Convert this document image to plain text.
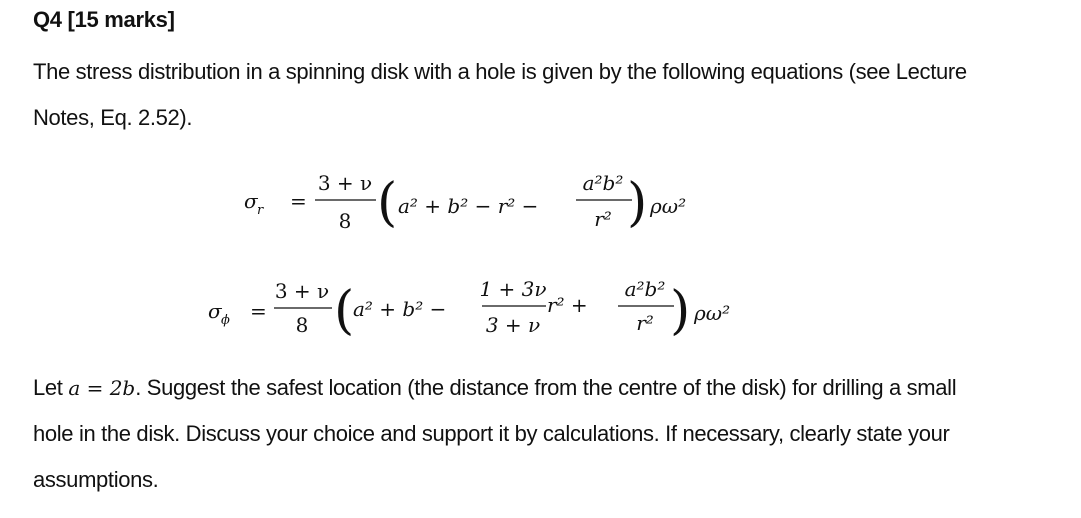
Q4 [15 marks]
The stress distribution in a spinning disk with a hole is given by the following equations (see Lecture
Notes, Eq. 2.52).
σ r =
3 + ν
8 ( a² + b² − r² −
a²b²
r² ) ρω²
σ ϕ =
3 + ν
8 (
a² + b² −
1 + 3ν
3 + ν
r² +
a²b²
r² ) ρω²
Let a = 2b. Suggest the safest location (the distance from the centre of the disk) for drilling a small
hole in the disk. Discuss your choice and support it by calculations. If necessary, clearly state your
assumptions.
